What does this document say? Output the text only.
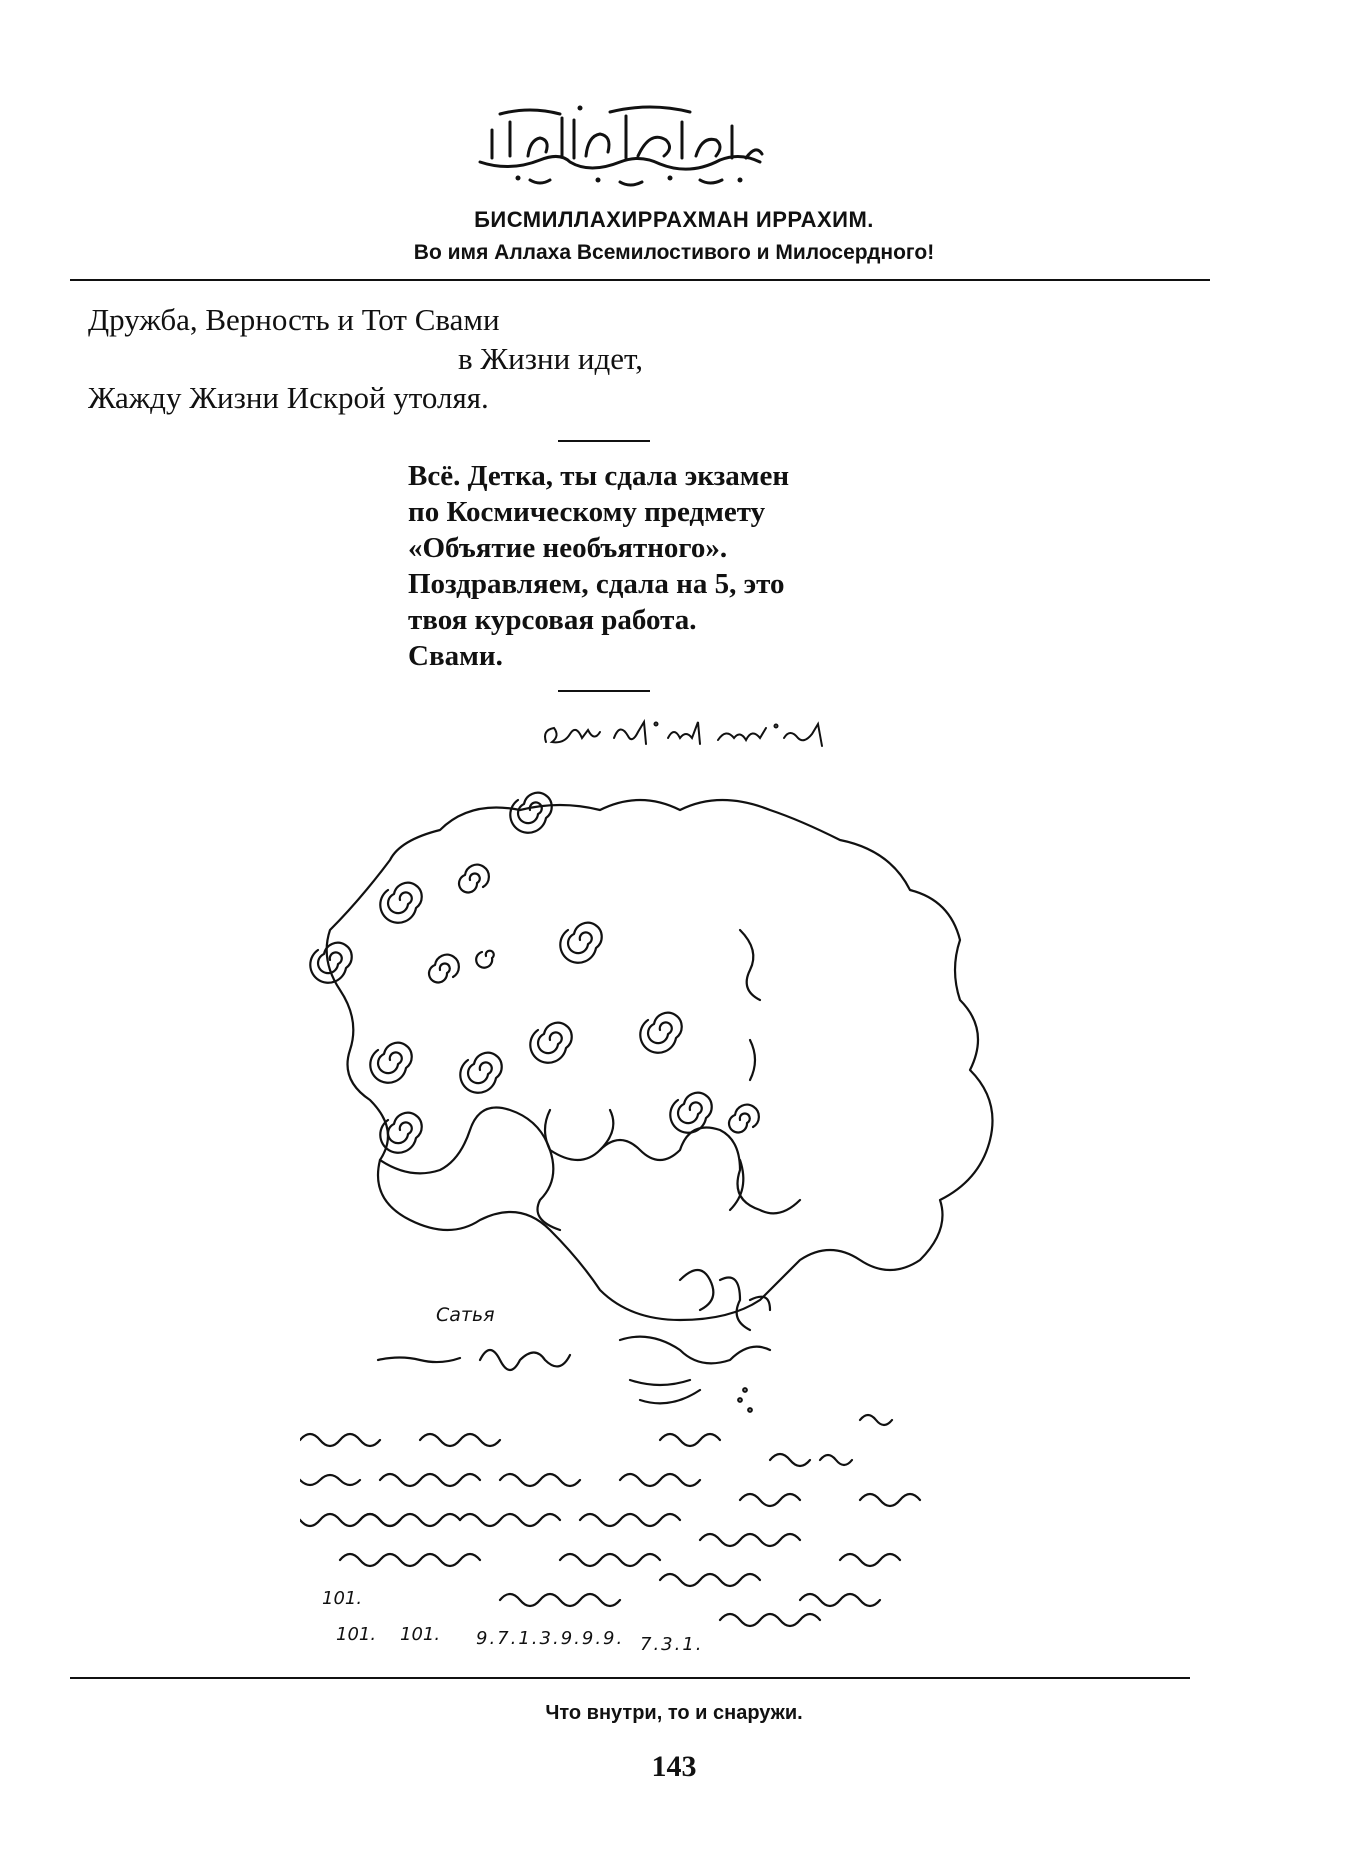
БИСМИЛЛАХИРРАХМАН ИРРАХИМ.
Во имя Аллаха Всемилостивого и Милосердного!
Дружба, Верность и Тот Свами
в Жизни идет,
Жажду Жизни Искрой утоляя.
Всё. Детка, ты сдала экзамен
по Космическому предмету
«Объятие необъятного».
Поздравляем, сдала на 5, это
твоя курсовая работа.
Свами.
101.
101. 101. 9.7.1.3.9.9.9. 7.3.1.
Сатья
Что внутри, то и снаружи.
143
